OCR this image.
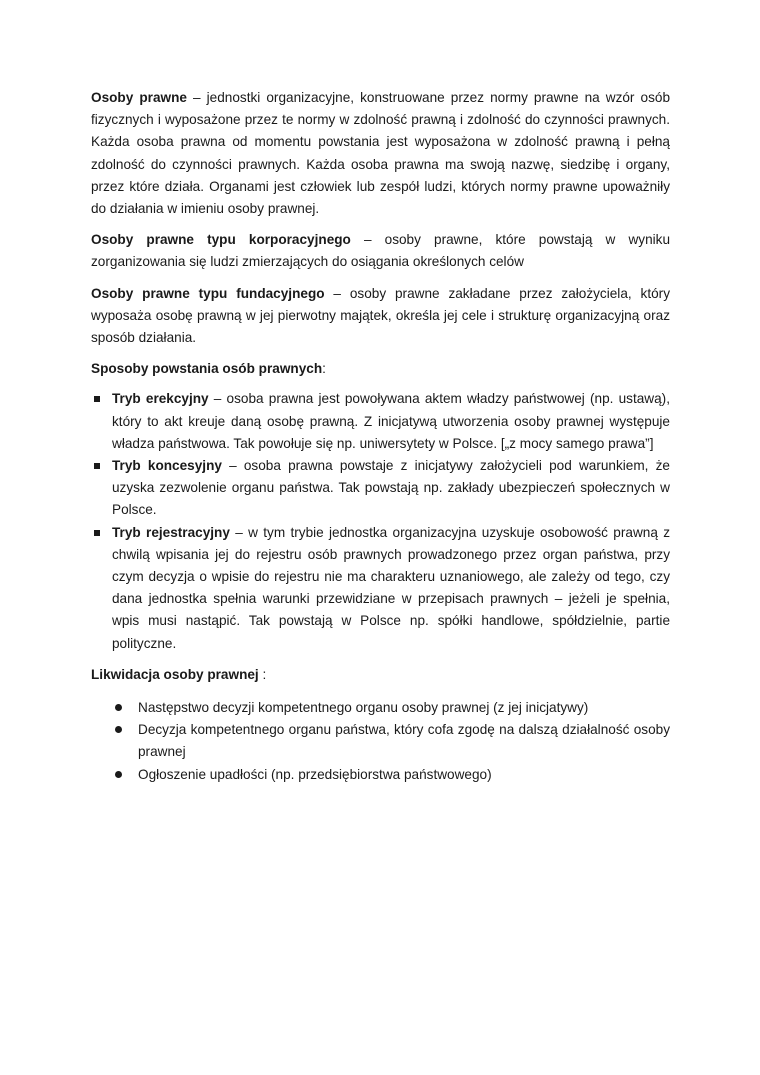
Osoby prawne – jednostki organizacyjne, konstruowane przez normy prawne na wzór osób fizycznych i wyposażone przez te normy w zdolność prawną i zdolność do czynności prawnych. Każda osoba prawna od momentu powstania jest wyposażona w zdolność prawną i pełną zdolność do czynności prawnych. Każda osoba prawna ma swoją nazwę, siedzibę i organy, przez które działa. Organami jest człowiek lub zespół ludzi, których normy prawne upoważniły do działania w imieniu osoby prawnej.

Osoby prawne typu korporacyjnego – osoby prawne, które powstają w wyniku zorganizowania się ludzi zmierzających do osiągania określonych celów

Osoby prawne typu fundacyjnego – osoby prawne zakładane przez założyciela, który wyposaża osobę prawną w jej pierwotny majątek, określa jej cele i strukturę organizacyjną oraz sposób działania.

Sposoby powstania osób prawnych:

Tryb erekcyjny – osoba prawna jest powoływana aktem władzy państwowej (np. ustawą), który to akt kreuje daną osobę prawną. Z inicjatywą utworzenia osoby prawnej występuje władza państwowa. Tak powołuje się np. uniwersytety w Polsce. [„z mocy samego prawa”]
Tryb koncesyjny – osoba prawna powstaje z inicjatywy założycieli pod warunkiem, że uzyska zezwolenie organu państwa. Tak powstają np. zakłady ubezpieczeń społecznych w Polsce.
Tryb rejestracyjny – w tym trybie jednostka organizacyjna uzyskuje osobowość prawną z chwilą wpisania jej do rejestru osób prawnych prowadzonego przez organ państwa, przy czym decyzja o wpisie do rejestru nie ma charakteru uznaniowego, ale zależy od tego, czy dana jednostka spełnia warunki przewidziane w przepisach prawnych – jeżeli je spełnia, wpis musi nastąpić. Tak powstają w Polsce np. spółki handlowe, spółdzielnie, partie polityczne.

Likwidacja osoby prawnej :

Następstwo decyzji kompetentnego organu osoby prawnej (z jej inicjatywy)
Decyzja kompetentnego organu państwa, który cofa zgodę na dalszą działalność osoby prawnej
Ogłoszenie upadłości (np. przedsiębiorstwa państwowego)
